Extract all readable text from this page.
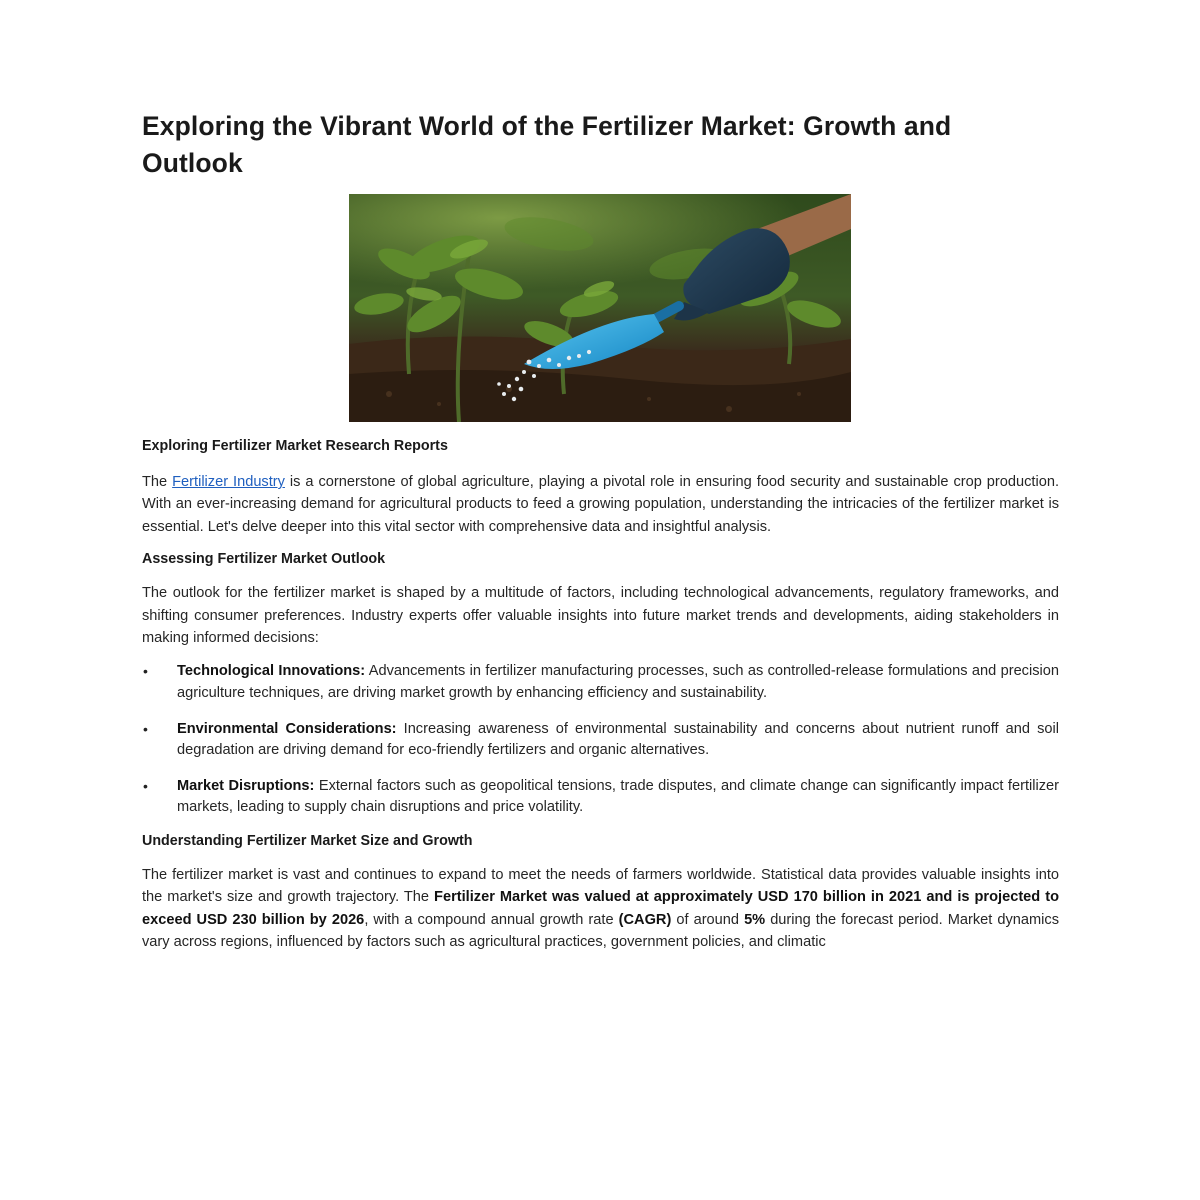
Exploring the Vibrant World of the Fertilizer Market: Growth and Outlook
Exploring Fertilizer Market Research Reports

The Fertilizer Industry is a cornerstone of global agriculture, playing a pivotal role in ensuring food security and sustainable crop production. With an ever-increasing demand for agricultural products to feed a growing population, understanding the intricacies of the fertilizer market is essential. Let's delve deeper into this vital sector with comprehensive data and insightful analysis.

Assessing Fertilizer Market Outlook

The outlook for the fertilizer market is shaped by a multitude of factors, including technological advancements, regulatory frameworks, and shifting consumer preferences. Industry experts offer valuable insights into future market trends and developments, aiding stakeholders in making informed decisions:

• Technological Innovations: Advancements in fertilizer manufacturing processes, such as controlled-release formulations and precision agriculture techniques, are driving market growth by enhancing efficiency and sustainability.
• Environmental Considerations: Increasing awareness of environmental sustainability and concerns about nutrient runoff and soil degradation are driving demand for eco-friendly fertilizers and organic alternatives.
• Market Disruptions: External factors such as geopolitical tensions, trade disputes, and climate change can significantly impact fertilizer markets, leading to supply chain disruptions and price volatility.
Understanding Fertilizer Market Size and Growth

The fertilizer market is vast and continues to expand to meet the needs of farmers worldwide. Statistical data provides valuable insights into the market's size and growth trajectory. The Fertilizer Market was valued at approximately USD 170 billion in 2021 and is projected to exceed USD 230 billion by 2026, with a compound annual growth rate (CAGR) of around 5% during the forecast period. Market dynamics vary across regions, influenced by factors such as agricultural practices, government policies, and climatic
